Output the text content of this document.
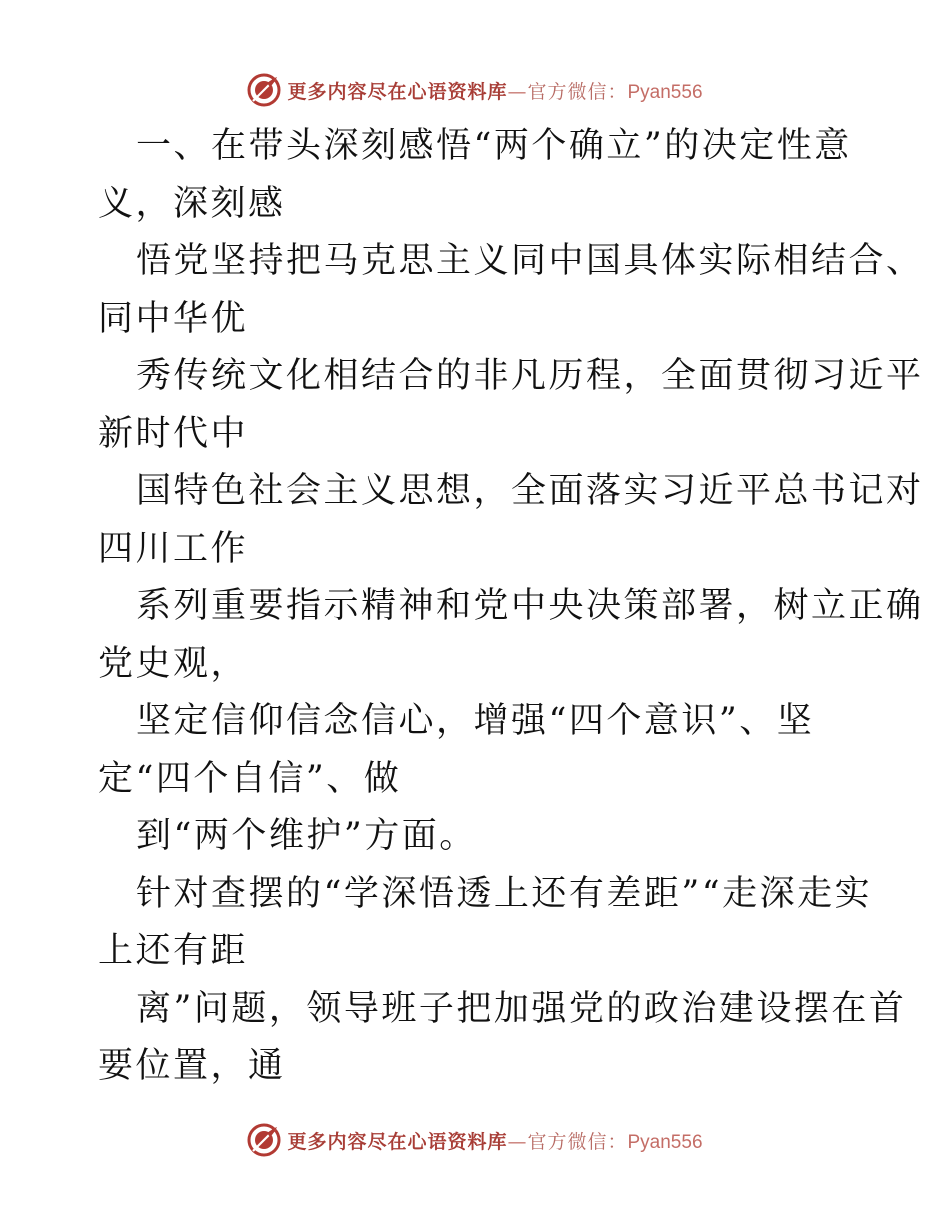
更多内容尽在心语资料库—官方微信：Pyan556
一、在带头深刻感悟“两个确立”的决定性意
义，深刻感
悟党坚持把马克思主义同中国具体实际相结合、
同中华优
秀传统文化相结合的非凡历程，全面贯彻习近平
新时代中
国特色社会主义思想，全面落实习近平总书记对
四川工作
系列重要指示精神和党中央决策部署，树立正确
党史观，
坚定信仰信念信心，增强“四个意识”、坚
定“四个自信”、做
到“两个维护”方面。
针对查摆的“学深悟透上还有差距”“走深走实
上还有距
离”问题，领导班子把加强党的政治建设摆在首
要位置，通
更多内容尽在心语资料库—官方微信：Pyan556
